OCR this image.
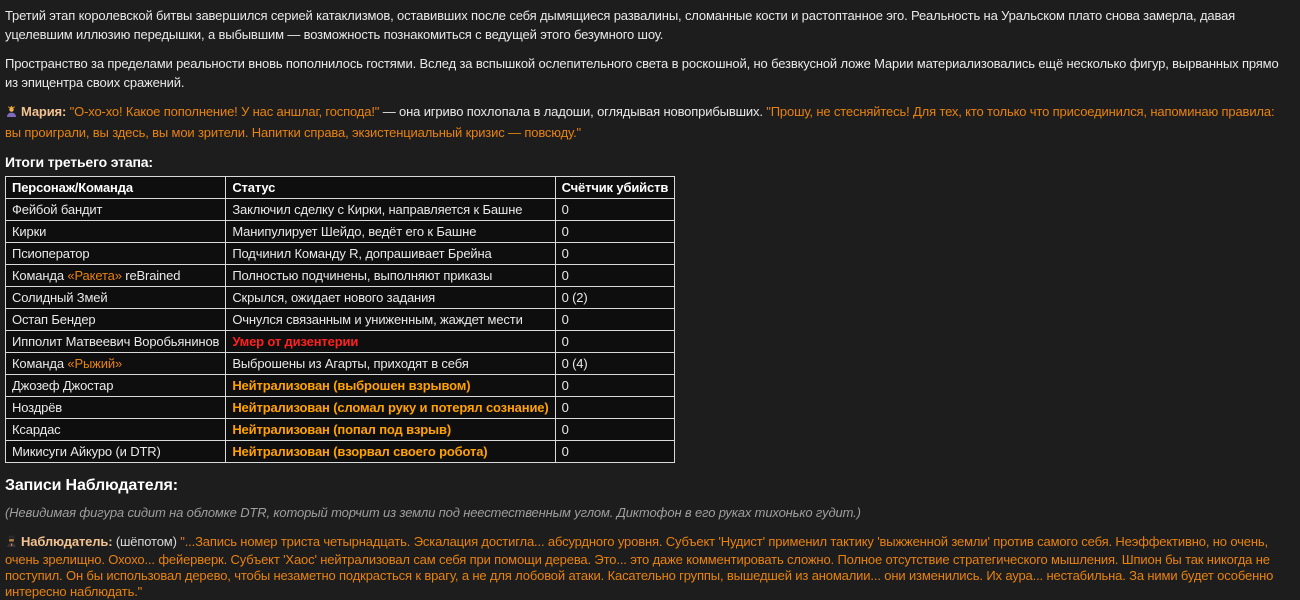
Третий этап королевской битвы завершился серией катаклизмов, оставивших после себя дымящиеся развалины, сломанные кости и растоптанное эго. Реальность на Уральском плато снова замерла, давая уцелевшим иллюзию передышки, а выбывшим — возможность познакомиться с ведущей этого безумного шоу.

Пространство за пределами реальности вновь пополнилось гостями. Вслед за вспышкой ослепительного света в роскошной, но безвкусной ложе Марии материализовались ещё несколько фигур, вырванных прямо из эпицентра своих сражений.

Мария: "О-хо-хо! Какое пополнение! У нас аншлаг, господа!" — она игриво похлопала в ладоши, оглядывая новоприбывших. "Прошу, не стесняйтесь! Для тех, кто только что присоединился, напоминаю правила: вы проиграли, вы здесь, вы мои зрители. Напитки справа, экзистенциальный кризис — повсюду."

Итоги третьего этапа:
Персонаж/Команда	Статус	Счётчик убийств
Фейбой бандит	Заключил сделку с Кирки, направляется к Башне	0
Кирки	Манипулирует Шейдо, ведёт его к Башне	0
Псиоператор	Подчинил Команду R, допрашивает Брейна	0
Команда «Ракета» reBrained	Полностью подчинены, выполняют приказы	0
Солидный Змей	Скрылся, ожидает нового задания	0 (2)
Остап Бендер	Очнулся связанным и униженным, жаждет мести	0
Ипполит Матвеевич Воробьянинов	Умер от дизентерии	0
Команда «Рыжий»	Выброшены из Агарты, приходят в себя	0 (4)
Джозеф Джостар	Нейтрализован (выброшен взрывом)	0
Ноздрёв	Нейтрализован (сломал руку и потерял сознание)	0
Ксардас	Нейтрализован (попал под взрыв)	0
Микисуги Айкуро (и DTR)	Нейтрализован (взорвал своего робота)	0
Записи Наблюдателя:

(Невидимая фигура сидит на обломке DTR, который торчит из земли под неестественным углом. Диктофон в его руках тихонько гудит.)

Наблюдатель: (шёпотом) "...Запись номер триста четырнадцать. Эскалация достигла... абсурдного уровня. Субъект 'Нудист' применил тактику 'выжженной земли' против самого себя. Неэффективно, но очень, очень зрелищно. Охохо... фейерверк. Субъект 'Хаос' нейтрализовал сам себя при помощи дерева. Это... это даже комментировать сложно. Полное отсутствие стратегического мышления. Шпион бы так никогда не поступил. Он бы использовал дерево, чтобы незаметно подкрасться к врагу, а не для лобовой атаки. Касательно группы, вышедшей из аномалии... они изменились. Их аура... нестабильна. За ними будет особенно интересно наблюдать."
